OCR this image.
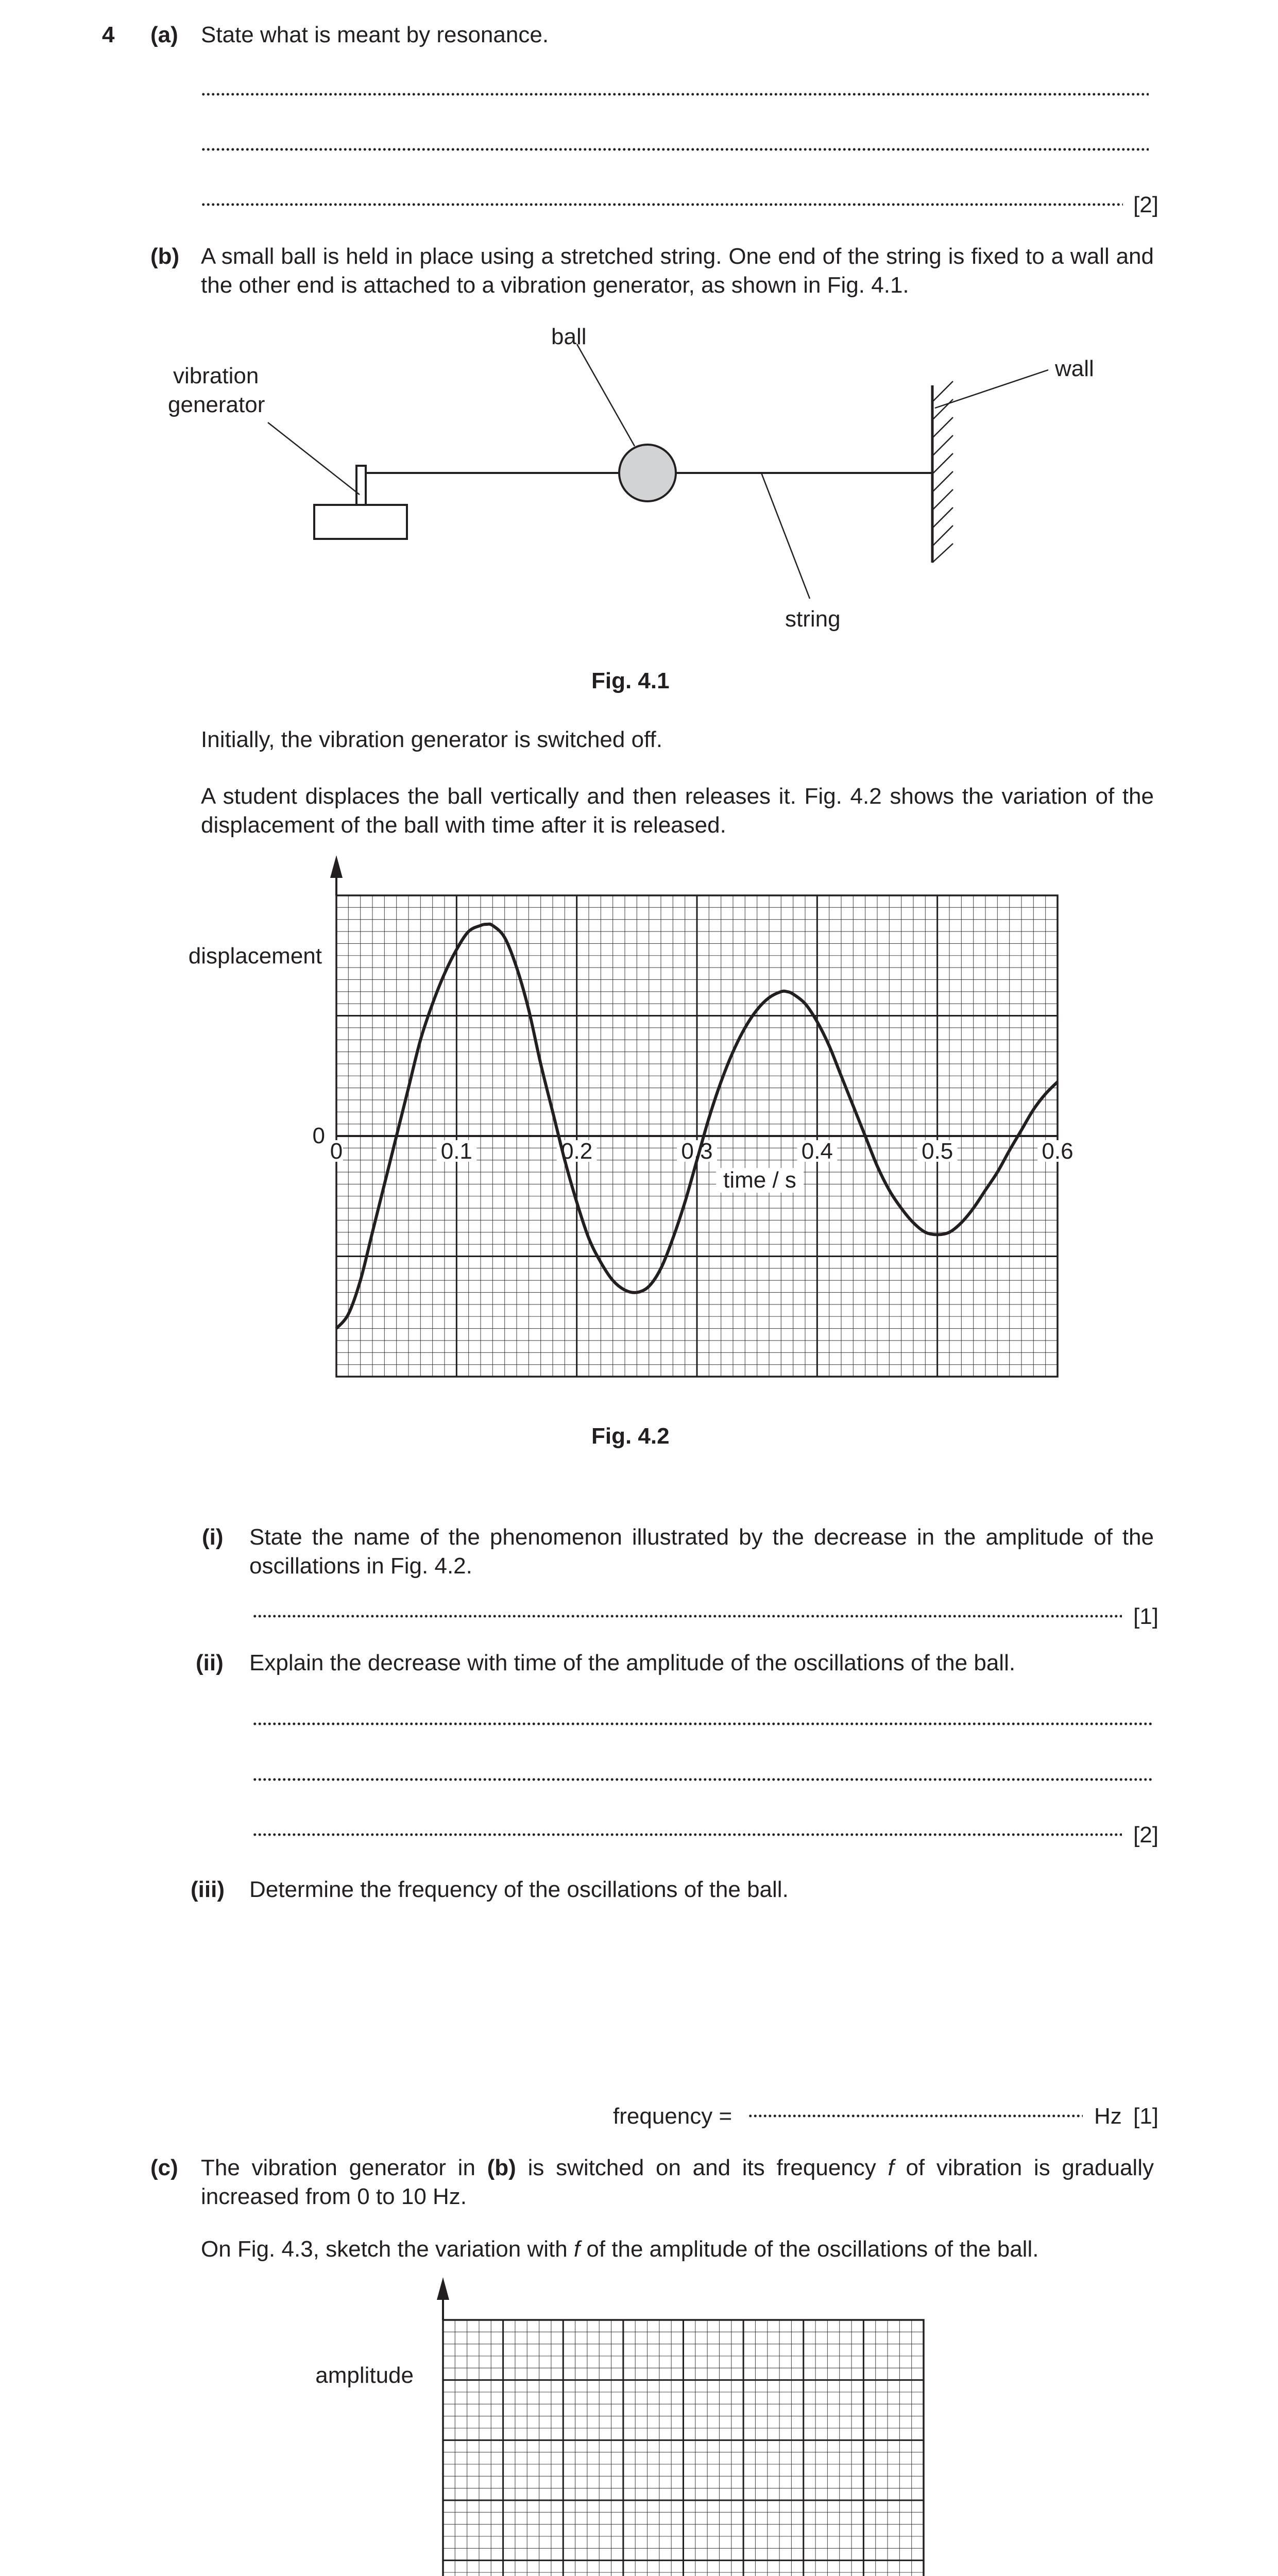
4 (a) State what is meant by resonance.
[2]
(b) A small ball is held in place using a stretched string. One end of the string is fixed to a wall and the other end is attached to a vibration generator, as shown in Fig. 4.1.
ball
wall
vibration
generator
string
Fig. 4.1
Initially, the vibration generator is switched off.
A student displaces the ball vertically and then releases it. Fig. 4.2 shows the variation of the displacement of the ball with time after it is released.
0	0.1	0.2	0.3	0.4	0.5	0.6
0
time / s
displacement
Fig. 4.2
(i) State the name of the phenomenon illustrated by the decrease in the amplitude of the oscillations in Fig. 4.2.
[1]
(ii) Explain the decrease with time of the amplitude of the oscillations of the ball.
[2]
(iii) Determine the frequency of the oscillations of the ball.
frequency =	Hz [1]
(c) The vibration generator in (b) is switched on and its frequency f of vibration is gradually increased from 0 to 10 Hz.
On Fig. 4.3, sketch the variation with f of the amplitude of the oscillations of the ball.
amplitude
